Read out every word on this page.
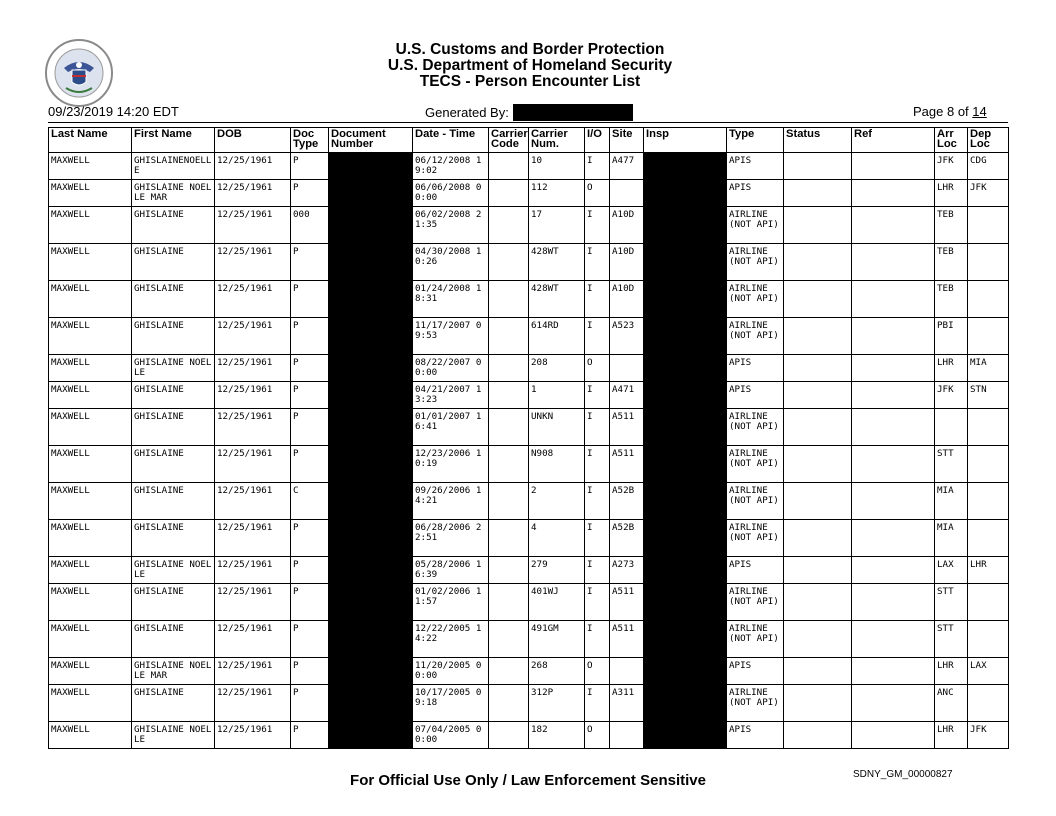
U.S. Customs and Border Protection
U.S. Department of Homeland Security
TECS - Person Encounter List
09/23/2019 14:20 EDT	Generated By:	Page 8 of 14
Last Name	First Name	DOB	Doc Type	Document Number	Date - Time	Carrier Code	Carrier Num.	I/O	Site	Insp	Type	Status	Ref	Arr Loc	Dep Loc
MAXWELL	GHISLAINENOELLE	12/25/1961	P		06/12/2008 19:02		10	I	A477		APIS			JFK	CDG
MAXWELL	GHISLAINE NOELLE MAR	12/25/1961	P		06/06/2008 00:00		112	O			APIS			LHR	JFK
MAXWELL	GHISLAINE	12/25/1961	000		06/02/2008 21:35		17	I	A10D		AIRLINE (NOT API)			TEB	
MAXWELL	GHISLAINE	12/25/1961	P		04/30/2008 10:26		428WT	I	A10D		AIRLINE (NOT API)			TEB	
MAXWELL	GHISLAINE	12/25/1961	P		01/24/2008 18:31		428WT	I	A10D		AIRLINE (NOT API)			TEB	
MAXWELL	GHISLAINE	12/25/1961	P		11/17/2007 09:53		614RD	I	A523		AIRLINE (NOT API)			PBI	
MAXWELL	GHISLAINE NOELLE	12/25/1961	P		08/22/2007 00:00		208	O			APIS			LHR	MIA
MAXWELL	GHISLAINE	12/25/1961	P		04/21/2007 13:23		1	I	A471		APIS			JFK	STN
MAXWELL	GHISLAINE	12/25/1961	P		01/01/2007 16:41		UNKN	I	A511		AIRLINE (NOT API)				
MAXWELL	GHISLAINE	12/25/1961	P		12/23/2006 10:19		N908	I	A511		AIRLINE (NOT API)			STT	
MAXWELL	GHISLAINE	12/25/1961	C		09/26/2006 14:21		2	I	A52B		AIRLINE (NOT API)			MIA	
MAXWELL	GHISLAINE	12/25/1961	P		06/28/2006 22:51		4	I	A52B		AIRLINE (NOT API)			MIA	
MAXWELL	GHISLAINE NOELLE	12/25/1961	P		05/28/2006 16:39		279	I	A273		APIS			LAX	LHR
MAXWELL	GHISLAINE	12/25/1961	P		01/02/2006 11:57		401WJ	I	A511		AIRLINE (NOT API)			STT	
MAXWELL	GHISLAINE	12/25/1961	P		12/22/2005 14:22		491GM	I	A511		AIRLINE (NOT API)			STT	
MAXWELL	GHISLAINE NOELLE MAR	12/25/1961	P		11/20/2005 00:00		268	O			APIS			LHR	LAX
MAXWELL	GHISLAINE	12/25/1961	P		10/17/2005 09:18		312P	I	A311		AIRLINE (NOT API)			ANC	
MAXWELL	GHISLAINE NOELLE	12/25/1961	P		07/04/2005 00:00		182	O			APIS			LHR	JFK
For Official Use Only / Law Enforcement Sensitive	SDNY_GM_00000827
